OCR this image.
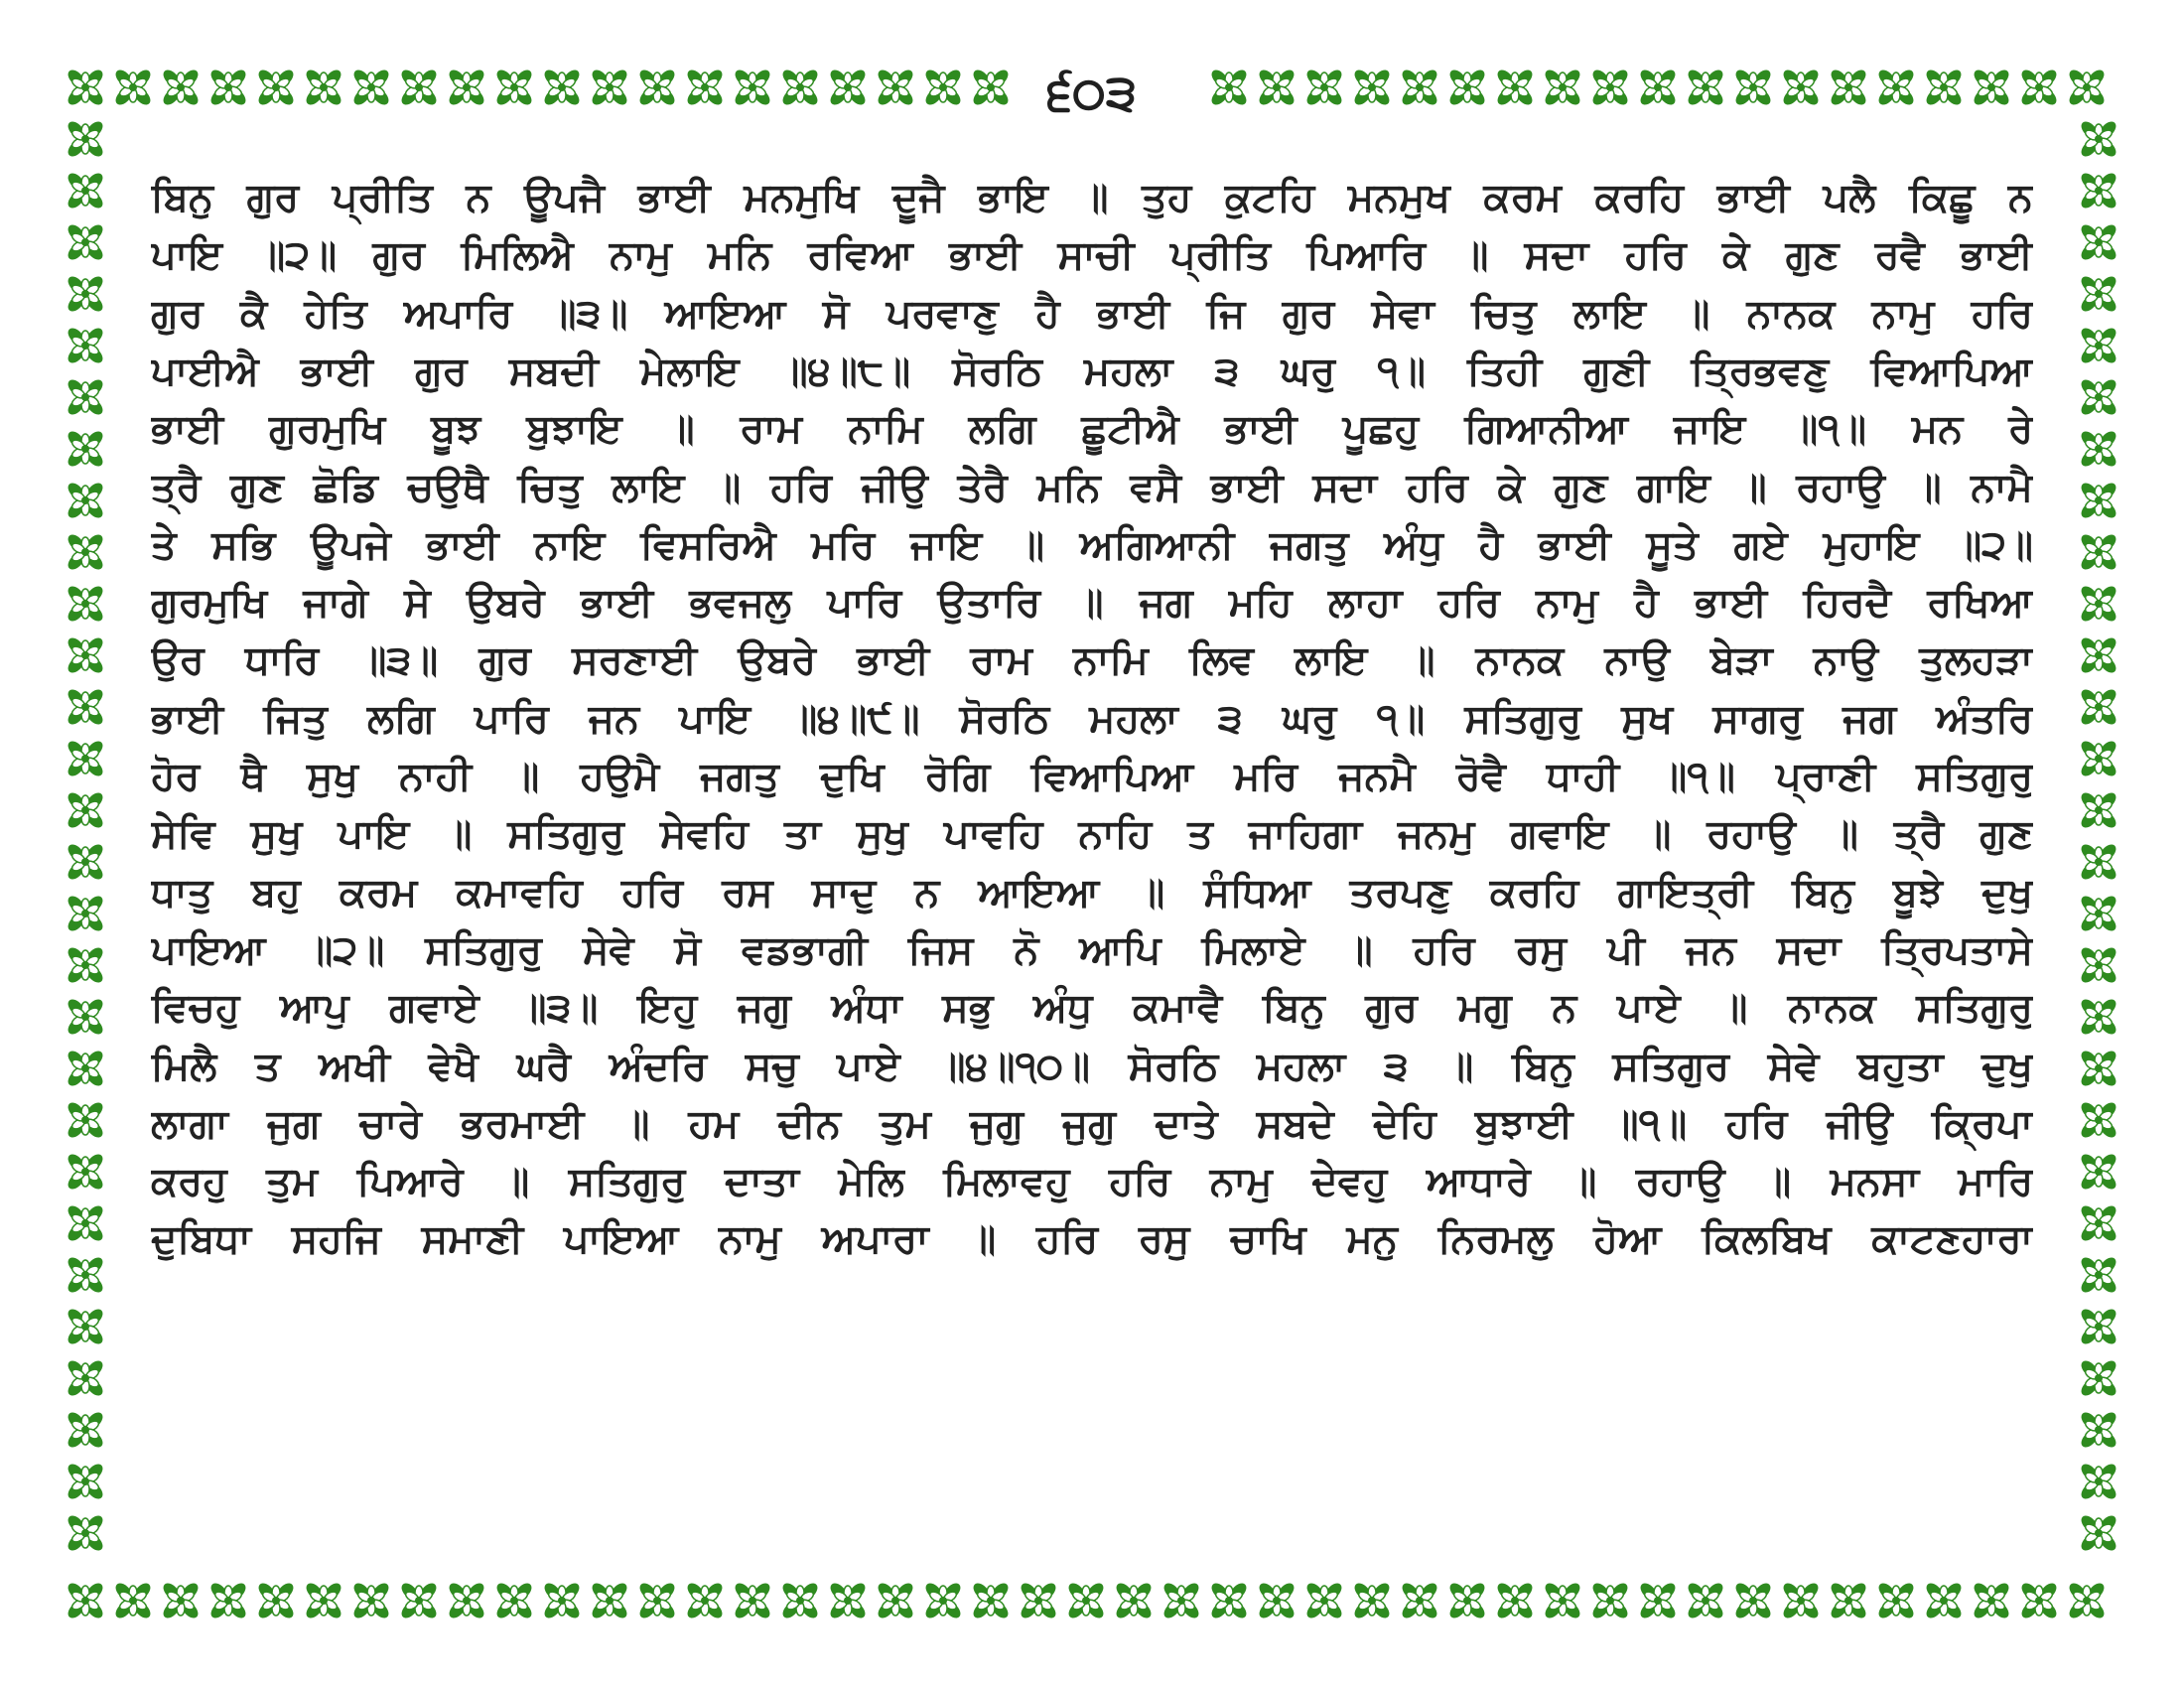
੬੦੩
ਬਿਨੁ ਗੁਰ ਪ੍ਰੀਤਿ ਨ ਊਪਜੈ ਭਾਈ ਮਨਮੁਖਿ ਦੂਜੈ ਭਾਇ ॥ ਤੁਹ ਕੁਟਹਿ ਮਨਮੁਖ ਕਰਮ ਕਰਹਿ ਭਾਈ ਪਲੈ ਕਿਛੂ ਨ
ਪਾਇ ॥੨॥ ਗੁਰ ਮਿਲਿਐ ਨਾਮੁ ਮਨਿ ਰਵਿਆ ਭਾਈ ਸਾਚੀ ਪ੍ਰੀਤਿ ਪਿਆਰਿ ॥ ਸਦਾ ਹਰਿ ਕੇ ਗੁਣ ਰਵੈ ਭਾਈ
ਗੁਰ ਕੈ ਹੇਤਿ ਅਪਾਰਿ ॥੩॥ ਆਇਆ ਸੋ ਪਰਵਾਣੁ ਹੈ ਭਾਈ ਜਿ ਗੁਰ ਸੇਵਾ ਚਿਤੁ ਲਾਇ ॥ ਨਾਨਕ ਨਾਮੁ ਹਰਿ
ਪਾਈਐ ਭਾਈ ਗੁਰ ਸਬਦੀ ਮੇਲਾਇ ॥੪॥੮॥ ਸੋਰਠਿ ਮਹਲਾ ੩ ਘਰੁ ੧॥ ਤਿਹੀ ਗੁਣੀ ਤ੍ਰਿਭਵਣੁ ਵਿਆਪਿਆ
ਭਾਈ ਗੁਰਮੁਖਿ ਬੂਝ ਬੁਝਾਇ ॥ ਰਾਮ ਨਾਮਿ ਲਗਿ ਛੂਟੀਐ ਭਾਈ ਪੂਛਹੁ ਗਿਆਨੀਆ ਜਾਇ ॥੧॥ ਮਨ ਰੇ
ਤ੍ਰੈ ਗੁਣ ਛੋਡਿ ਚਉਥੈ ਚਿਤੁ ਲਾਇ ॥ ਹਰਿ ਜੀਉ ਤੇਰੈ ਮਨਿ ਵਸੈ ਭਾਈ ਸਦਾ ਹਰਿ ਕੇ ਗੁਣ ਗਾਇ ॥ ਰਹਾਉ ॥ ਨਾਮੈ
ਤੇ ਸਭਿ ਊਪਜੇ ਭਾਈ ਨਾਇ ਵਿਸਰਿਐ ਮਰਿ ਜਾਇ ॥ ਅਗਿਆਨੀ ਜਗਤੁ ਅੰਧੁ ਹੈ ਭਾਈ ਸੂਤੇ ਗਏ ਮੁਹਾਇ ॥੨॥
ਗੁਰਮੁਖਿ ਜਾਗੇ ਸੇ ਉਬਰੇ ਭਾਈ ਭਵਜਲੁ ਪਾਰਿ ਉਤਾਰਿ ॥ ਜਗ ਮਹਿ ਲਾਹਾ ਹਰਿ ਨਾਮੁ ਹੈ ਭਾਈ ਹਿਰਦੈ ਰਖਿਆ
ਉਰ ਧਾਰਿ ॥੩॥ ਗੁਰ ਸਰਣਾਈ ਉਬਰੇ ਭਾਈ ਰਾਮ ਨਾਮਿ ਲਿਵ ਲਾਇ ॥ ਨਾਨਕ ਨਾਉ ਬੇੜਾ ਨਾਉ ਤੁਲਹੜਾ
ਭਾਈ ਜਿਤੁ ਲਗਿ ਪਾਰਿ ਜਨ ਪਾਇ ॥੪॥੯॥ ਸੋਰਠਿ ਮਹਲਾ ੩ ਘਰੁ ੧॥ ਸਤਿਗੁਰੁ ਸੁਖ ਸਾਗਰੁ ਜਗ ਅੰਤਰਿ
ਹੋਰ ਥੈ ਸੁਖੁ ਨਾਹੀ ॥ ਹਉਮੈ ਜਗਤੁ ਦੁਖਿ ਰੋਗਿ ਵਿਆਪਿਆ ਮਰਿ ਜਨਮੈ ਰੋਵੈ ਧਾਹੀ ॥੧॥ ਪ੍ਰਾਣੀ ਸਤਿਗੁਰੁ
ਸੇਵਿ ਸੁਖੁ ਪਾਇ ॥ ਸਤਿਗੁਰੁ ਸੇਵਹਿ ਤਾ ਸੁਖੁ ਪਾਵਹਿ ਨਾਹਿ ਤ ਜਾਹਿਗਾ ਜਨਮੁ ਗਵਾਇ ॥ ਰਹਾਉ ॥ ਤ੍ਰੈ ਗੁਣ
ਧਾਤੁ ਬਹੁ ਕਰਮ ਕਮਾਵਹਿ ਹਰਿ ਰਸ ਸਾਦੁ ਨ ਆਇਆ ॥ ਸੰਧਿਆ ਤਰਪਣੁ ਕਰਹਿ ਗਾਇਤ੍ਰੀ ਬਿਨੁ ਬੂਝੇ ਦੁਖੁ
ਪਾਇਆ ॥੨॥ ਸਤਿਗੁਰੁ ਸੇਵੇ ਸੋ ਵਡਭਾਗੀ ਜਿਸ ਨੋ ਆਪਿ ਮਿਲਾਏ ॥ ਹਰਿ ਰਸੁ ਪੀ ਜਨ ਸਦਾ ਤ੍ਰਿਪਤਾਸੇ
ਵਿਚਹੁ ਆਪੁ ਗਵਾਏ ॥੩॥ ਇਹੁ ਜਗੁ ਅੰਧਾ ਸਭੁ ਅੰਧੁ ਕਮਾਵੈ ਬਿਨੁ ਗੁਰ ਮਗੁ ਨ ਪਾਏ ॥ ਨਾਨਕ ਸਤਿਗੁਰੁ
ਮਿਲੈ ਤ ਅਖੀ ਵੇਖੈ ਘਰੈ ਅੰਦਰਿ ਸਚੁ ਪਾਏ ॥੪॥੧੦॥ ਸੋਰਠਿ ਮਹਲਾ ੩ ॥ ਬਿਨੁ ਸਤਿਗੁਰ ਸੇਵੇ ਬਹੁਤਾ ਦੁਖੁ
ਲਾਗਾ ਜੁਗ ਚਾਰੇ ਭਰਮਾਈ ॥ ਹਮ ਦੀਨ ਤੁਮ ਜੁਗੁ ਜੁਗੁ ਦਾਤੇ ਸਬਦੇ ਦੇਹਿ ਬੁਝਾਈ ॥੧॥ ਹਰਿ ਜੀਉ ਕ੍ਰਿਪਾ
ਕਰਹੁ ਤੁਮ ਪਿਆਰੇ ॥ ਸਤਿਗੁਰੁ ਦਾਤਾ ਮੇਲਿ ਮਿਲਾਵਹੁ ਹਰਿ ਨਾਮੁ ਦੇਵਹੁ ਆਧਾਰੇ ॥ ਰਹਾਉ ॥ ਮਨਸਾ ਮਾਰਿ
ਦੁਬਿਧਾ ਸਹਜਿ ਸਮਾਣੀ ਪਾਇਆ ਨਾਮੁ ਅਪਾਰਾ ॥ ਹਰਿ ਰਸੁ ਚਾਖਿ ਮਨੁ ਨਿਰਮਲੁ ਹੋਆ ਕਿਲਬਿਖ ਕਾਟਣਹਾਰਾ
